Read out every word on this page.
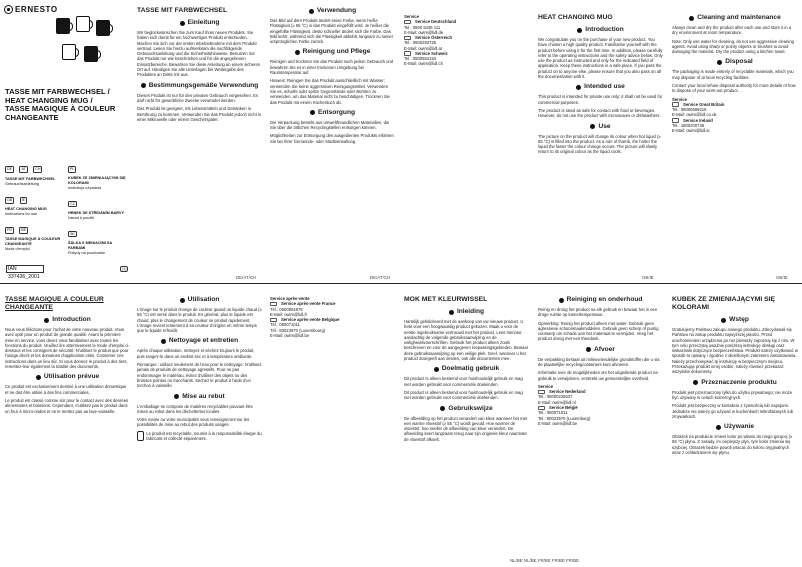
ERNESTO
TASSE MIT FARBWECHSEL /
HEAT CHANGING MUG /
TASSE MAGIQUE À COULEUR
CHANGEANTE
DE	AT	CH
TASSE MIT FARBWECHSEL
Gebrauchsanleitung
GB	IE
HEAT CHANGING MUG
Instructions for use
FR	BE
TASSE MAGIQUE À COULEUR CHANGEANTE
Mode d'emploi

PL
KUBEK ZE ZMIENIAJĄCYMI SIĘ KOLORAMI
Instrukcja używania
CZ
HRNEK SE STŘÍDÁNÍM BARVY
Návod k použití
SK
ŠÁLKA S MENIACIMI SA FARBAMI
Pokyny na používanie
IAN 337436_2001
(4)
TASSE MIT FARBWECHSEL
Einleitung

Wir beglückwünschen Sie zum Kauf Ihres neuen Produkts. Sie haben sich damit für ein hochwertiges Produkt entschieden. Machen Sie sich vor der ersten Inbetriebnahme mit dem Produkt vertraut. Lesen Sie hierzu aufmerksam die nachfolgende Gebrauchsanleitung und die Sicherheitshinweise. Benutzen Sie das Produkt nur wie beschrieben und für die angegebenen Einsatzbereiche. Bewahren Sie diese Anleitung an einem sicheren Ort auf. Händigen Sie alle Unterlagen bei Weitergabe des Produktes an Dritte mit aus.

Bestimmungsgemäße Verwendung

Dieses Produkt ist nur für den privaten Gebrauch vorgesehen. Es darf nicht für gewerbliche Zwecke verwendet werden.

Das Produkt ist geeignet, mit Lebensmitteln und Getränken in Berührung zu kommen. Verwenden Sie das Produkt jedoch nicht in einer Mikrowelle oder einem Geschirrspüler.

DE/AT/CH
Verwendung

Das Bild auf dem Produkt ändert seine Farbe, wenn heiße Flüssigkeit (≥ 55 °C) in das Produkt eingefüllt wird. Je heißer die eingefüllte Flüssigkeit, desto schneller ändert sich die Farbe. Das Bild kehrt, während sich die Flüssigkeit abkühlt, langsam zu seiner ursprünglichen Farbe zurück.

Reinigung und Pflege

Reinigen und trocknen Sie das Produkt nach jedem Gebrauch und bewahren Sie es in einer trockenen Umgebung bei Raumtemperatur auf.

Hinweis: Reinigen Sie das Produkt ausschließlich mit Wasser; verwenden Sie keine aggressiven Reinigungsmittel. Verwenden Sie es, scharfe oder spitze Gegenstände oder Bürsten zu verwenden, um das Material nicht zu beschädigen. Trocknen Sie das Produkt mit einem Küchentuch ab.

Entsorgung

Die Verpackung besteht aus umweltfreundlichen Materialien, die Sie über die örtlichen Recyclingstellen entsorgen können.

Möglichkeiten zur Entsorgung des ausgedienten Produkts erfahren Sie bei Ihrer Gemeinde- oder Stadtverwaltung.

DE/AT/CH
Service
Service Deutschland
Tel.: 0800 5435 111
E-Mail: owim@lidl.de
Service Österreich
Tel.: 0800292726
E-Mail: owim@lidl.at
Service Schweiz
Tel.: 0800562153
E-Mail: owim@lidl.ch
HEAT CHANGING MUG
Introduction

We congratulate you on the purchase of your new product. You have chosen a high quality product. Familiarise yourself with the product before using it for the first time. In addition, please carefully refer to the operating instructions and the safety advice below. Only use the product as instructed and only for the indicated field of application. Keep these instructions in a safe place. If you pass the product on to anyone else, please ensure that you also pass on all the documentation with it.

Intended use

This product is intended for private use only; it shall not be used for commercial purposes.

The product is rated as safe for contact with food or beverages. However, do not use the product with microwaves or dishwashers.

Use

The picture on the product will change its colour when hot liquid (≥ 55 °C) is filled into the product. As a rule of thumb, the hotter the liquid the faster the colour change occurs. The picture will slowly return to its original colour as the liquid cools.

GB/IE
Cleaning and maintenance

Always clean and dry the product after each use and store it in a dry environment at room temperature.

Note: Only use water for cleaning, do not use aggressive cleaning agents. Avoid using sharp or pointy objects or brushes to avoid damaging the material. Dry the product using a kitchen towel.

Disposal

The packaging is made entirely of recyclable materials, which you may dispose of at local recycling facilities.

Contact your local refuse disposal authority for more details of how to dispose of your worn-out product.

Service
Service Great Britain
Tel.: 08000569216
E-Mail: owim@lidl.co.uk
Service Ireland
Tel.: 1800200736
E-Mail: owim@lidl.ie
GB/IE
TASSE MAGIQUE À COULEUR CHANGEANTE
Introduction

Nous vous félicitons pour l'achat de votre nouveau produit. Vous avez opté pour un produit de grande qualité. Avant la première mise en service, vous devez vous familiariser avec toutes les fonctions du produit. Veuillez lire attentivement le mode d'emploi ci-dessous et les consignes de sécurité. N'utilisez le produit que pour l'usage décrit et les domaines d'application cités. Conserver ces instructions dans un lieu sûr. Si vous donnez le produit à des tiers, remettez-leur également la totalité des documents.

Utilisation prévue

Ce produit est exclusivement destiné à une utilisation domestique et ne doit être utilisé à des fins commerciales.

Le produit est classé comme sûr pour le contact avec des denrées alimentaires et boissons. Cependant, n'utilisez pas le produit dans un four à micro-ondes et ne le mettez pas au lave-vaisselle.

Utilisation

L'image sur le produit change de couleur quand un liquide chaud (≥ 55 °C) est versé dans le produit. En général, plus le liquide est chaud, plus le changement de couleur se produit rapidement. L'image revient lentement à sa couleur d'origine en même temps que le liquide refroidit.

Nettoyage et entretien

Après chaque utilisation, nettoyez et séchez toujours le produit, puis rangez-le dans un endroit sec et à température ambiante.

Remarque : utilisez seulement de l'eau pour le nettoyage. N'utilisez jamais de produits de nettoyage agressifs. Pour ne pas endommager le matériau, évitez d'utiliser des objets ou des brosses pointus ou tranchants. Séchez le produit à l'aide d'un torchon à vaisselle.

Mise au rebut

L'emballage se compose de matières recyclables pouvant être mises au rebut dans les déchetteries locales.

Votre mairie ou votre municipalité vous renseigneront sur les possibilités de mise au rebut des produits usagés.

Le produit est recyclable, soumis à la responsabilité élargie du fabricant et collecté séparément.
Service après-vente
Service après-vente France
Tél.: 0800904879
E-Mail: owim@lidl.fr
Service après-vente Belgique
Tél.: 080071011
Tél.: 80023970 (Luxembourg)
E-Mail: owim@lidl.be
MOK MET KLEURWISSEL
Inleiding

Hartelijk gefeliciteerd met de aankoop van uw nieuwe product. U hebt voor een hoogwaardig product gekozen. Maak u voor de eerste ingebruikname vertrouwd met het product. Lees hiervoor aandachtig de volgende gebruiksaanwijzing en de veiligheidsvoorschriften. Gebruik het product alleen zoals beschreven en voor de aangegeven toepassingsgebieden. Bewaar deze gebruiksaanwijzing op een veilige plek. Geef, wanneer u het product doorgeeft aan derden, ook alle documenten mee.

Doelmatig gebruik

Dit product is alleen bestemd voor huishoudelijk gebruik en mag niet worden gebruikt voor commerciële doeleinden.

Dit product is alleen bestemd voor huishoudelijk gebruik en mag niet worden gebruikt voor commerciële doeleinden.

Gebruikswijze

De afbeelding op het product verandert van kleur wanneer het met een warme vloeistof (≥ 55 °C) wordt gevuld. Hoe warmer de vloeistof, hoe sneller de afbeelding van kleur verandert. De afbeelding keert langzaam terug naar zijn originele kleur naarmate de vloeistof afkoelt.

Reiniging en onderhoud

Reinig en droog het product na elk gebruik en bewaar het in een droge ruimte op kamertemperatuur.

Opmerking: Reinig het product alleen met water. Gebruik geen agressieve schoonmaakmiddelen. Gebruik geen scherp of puntig voorwerp om schade aan het materiaal te vermijden. Veeg het product droog met een theedoek.

Afvoer

De verpakking bestaat uit milieuvriendelijke grondstoffen die u via de plaatselijke recyclingcontainers kunt afvoeren.

Informatie over de mogelijkheden om het uitgediende product na gebruik te verwijderen, verstrekt uw gemeentelijke overheid.

Service
Service Nederland
Tel.: 08000225537
E-Mail: owim@lidl.nl
Service België
Tel.: 080071011
Tel.: 80023970 (Luxemburg)
E-Mail: owim@lidl.be
NL/BE NL/BE FR/BE FR/BE FR/BE
KUBEK ZE ZMIENIAJĄCYMI SIĘ KOLORAMI
Wstęp

Gratulujemy Państwu zakupu nowego produktu. Zdecydowali się Państwo na zakup produktu najwyższej jakości. Przed uruchomieniem urządzenia po raz pierwszy zapoznaj się z nim. W tym celu przeczytaj uważnie poniższą instrukcję obsługi oraz wskazówki dotyczące bezpieczeństwa. Produkt należy użytkować w sposób to opisany i zgodnie z określonym zakresem zastosowania. Należy przechowywać tę instrukcję w bezpiecznym miejscu. Przekazując produkt innej osobie, należy również przekazać wszystkie dokumenty.

Przeznaczenie produktu

Produkt jest przeznaczony tylko do użytku prywatnego; nie może być używany w celach komercyjnych.

Produkt jest bezpieczny w kontakcie z żywnością lub napojami. Jednakże nie należy go używać w kuchenkach mikrofalowych lub zmywarkach.

Używanie

Obrazek na produkcie zmieni kolor po wlaniu do niego gorącej (≥ 55 °C) płynu. Z zasady, im cieplejszy płyn, tym kolor zmienia się szybciej. Obrazek będzie powoli wracać do koloru oryginalnych wraz z ochładzaniem się płynu.
